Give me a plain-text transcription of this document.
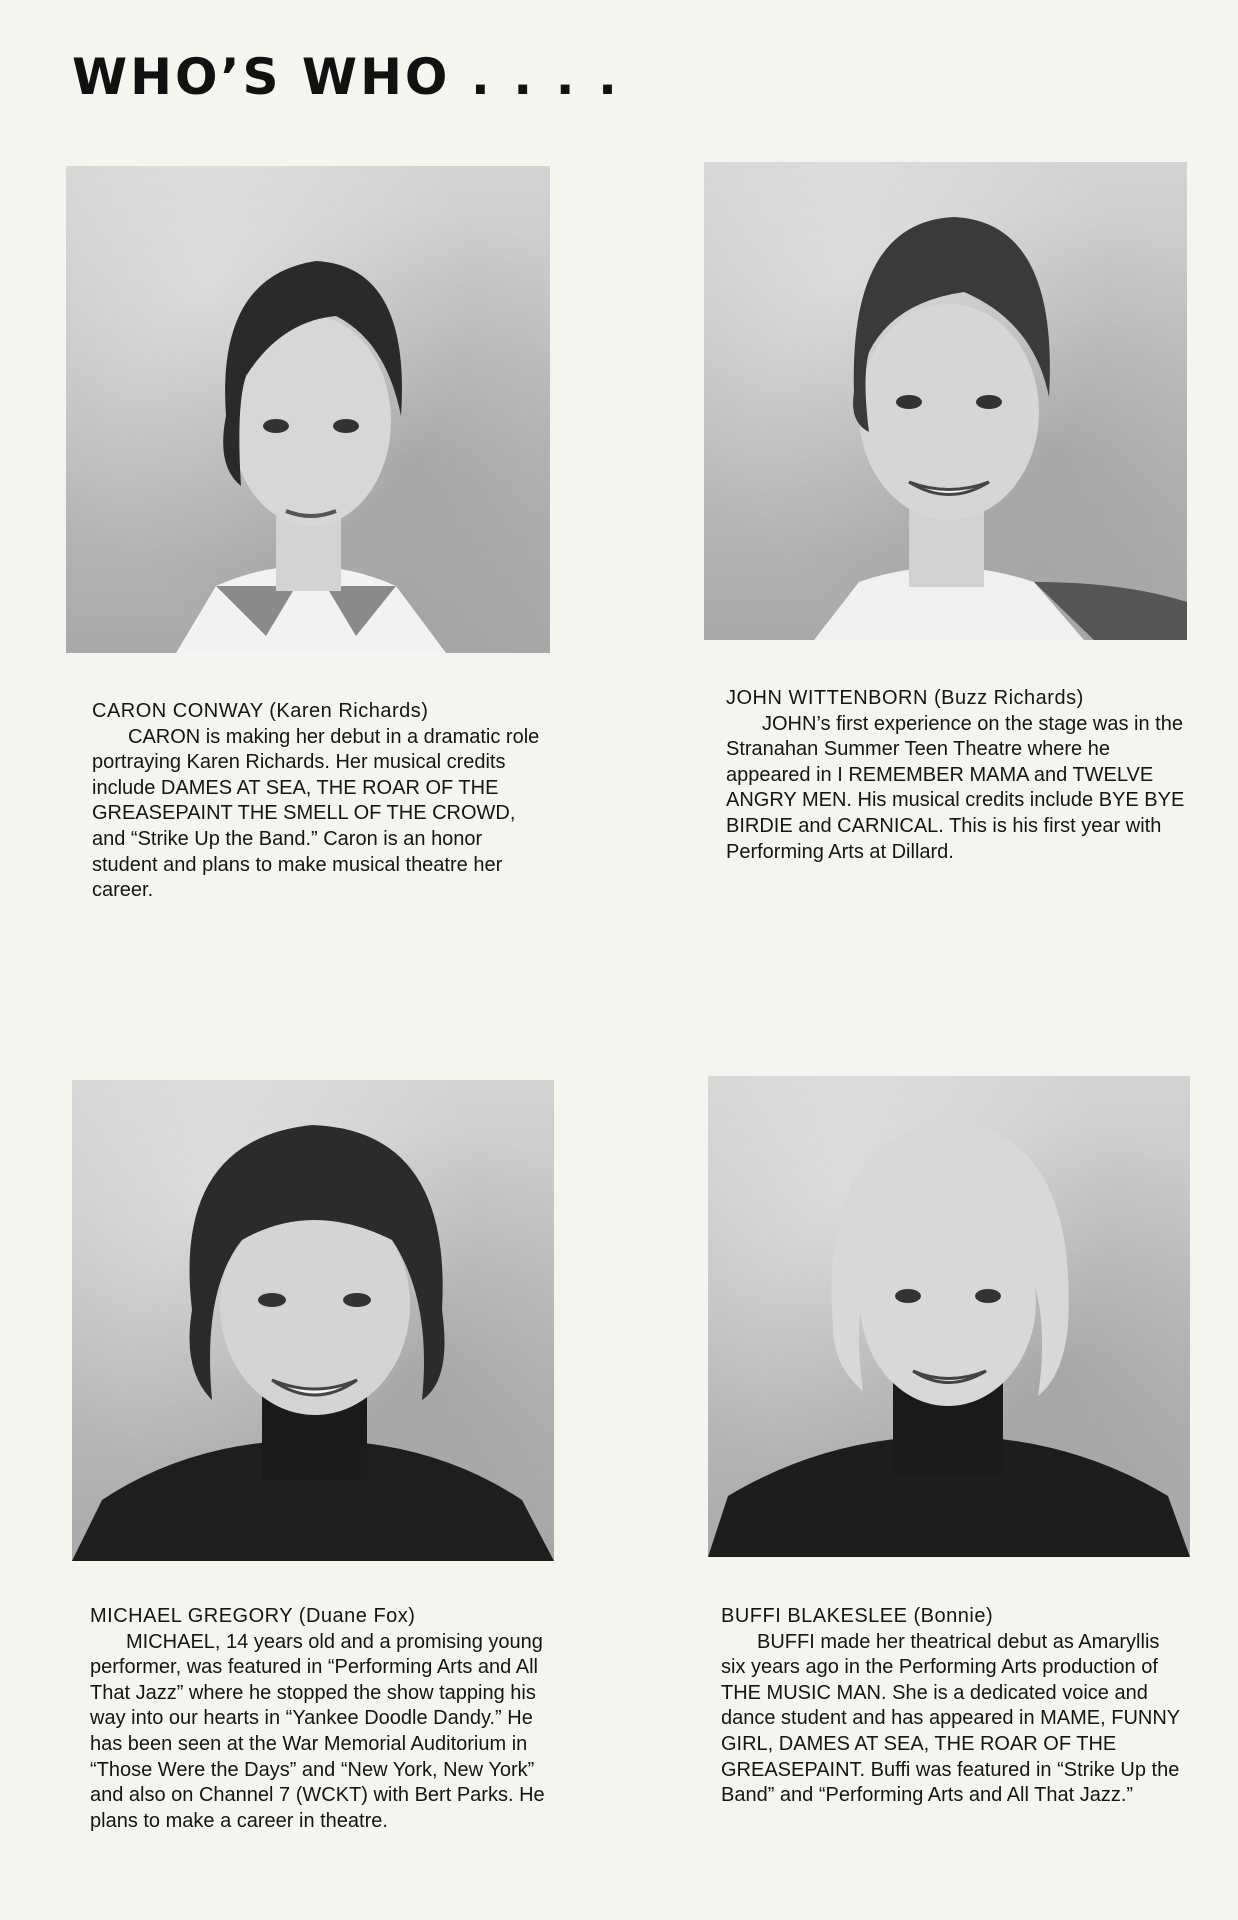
WHO’S WHO . . . .
CARON CONWAY (Karen Richards)
CARON is making her debut in a dramatic role portraying Karen Richards. Her musical credits include DAMES AT SEA, THE ROAR OF THE GREASEPAINT THE SMELL OF THE CROWD, and “Strike Up the Band.” Caron is an honor student and plans to make musical theatre her career.
JOHN WITTENBORN (Buzz Richards)
JOHN’s first experience on the stage was in the Stranahan Summer Teen Theatre where he appeared in I REMEMBER MAMA and TWELVE ANGRY MEN. His musical credits include BYE BYE BIRDIE and CARNICAL. This is his first year with Performing Arts at Dillard.
MICHAEL GREGORY (Duane Fox)
MICHAEL, 14 years old and a promising young performer, was featured in “Performing Arts and All That Jazz” where he stopped the show tapping his way into our hearts in “Yankee Doodle Dandy.” He has been seen at the War Memorial Auditorium in “Those Were the Days” and “New York, New York” and also on Channel 7 (WCKT) with Bert Parks. He plans to make a career in theatre.
BUFFI BLAKESLEE (Bonnie)
BUFFI made her theatrical debut as Amaryllis six years ago in the Performing Arts production of THE MUSIC MAN. She is a dedicated voice and dance student and has appeared in MAME, FUNNY GIRL, DAMES AT SEA, THE ROAR OF THE GREASEPAINT. Buffi was featured in “Strike Up the Band” and “Performing Arts and All That Jazz.”
